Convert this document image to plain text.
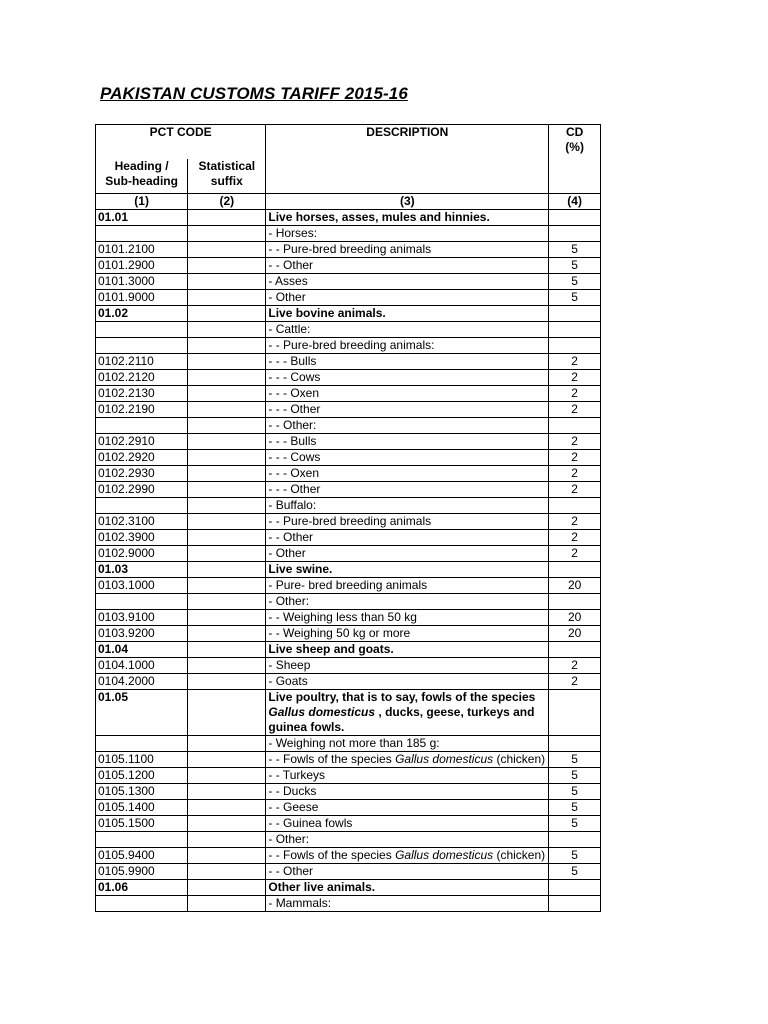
PAKISTAN CUSTOMS TARIFF 2015-16
PCT CODE		DESCRIPTION	CD
(%)
Heading /
Sub-heading	Statistical
suffix		
(1)	(2)	(3)	(4)
01.01		Live horses, asses, mules and hinnies.	
		- Horses:	
0101.2100		- - Pure-bred breeding animals	5
0101.2900		- - Other	5
0101.3000		- Asses	5
0101.9000		- Other	5
01.02		Live bovine animals.	
		- Cattle:	
		- - Pure-bred breeding animals:	
0102.2110		- - - Bulls	2
0102.2120		- - - Cows	2
0102.2130		- - - Oxen	2
0102.2190		- - - Other	2
		- - Other:	
0102.2910		- - - Bulls	2
0102.2920		- - - Cows	2
0102.2930		- - - Oxen	2
0102.2990		- - - Other	2
		- Buffalo:	
0102.3100		- - Pure-bred breeding animals	2
0102.3900		- - Other	2
0102.9000		- Other	2
01.03		Live swine.	
0103.1000		- Pure- bred breeding animals	20
		- Other:	
0103.9100		- - Weighing less than 50 kg	20
0103.9200		- - Weighing 50 kg or more	20
01.04		Live sheep and goats.	
0104.1000		- Sheep	2
0104.2000		- Goats	2
01.05		Live poultry, that is to say, fowls of the species Gallus domesticus , ducks, geese, turkeys and guinea fowls.	
		- Weighing not more than 185 g:	
0105.1100		- - Fowls of the species Gallus domesticus (chicken)	5
0105.1200		- - Turkeys	5
0105.1300		- - Ducks	5
0105.1400		- - Geese	5
0105.1500		- - Guinea fowls	5
		- Other:	
0105.9400		- - Fowls of the species Gallus domesticus (chicken)	5
0105.9900		- - Other	5
01.06		Other live animals.	
		- Mammals:	
